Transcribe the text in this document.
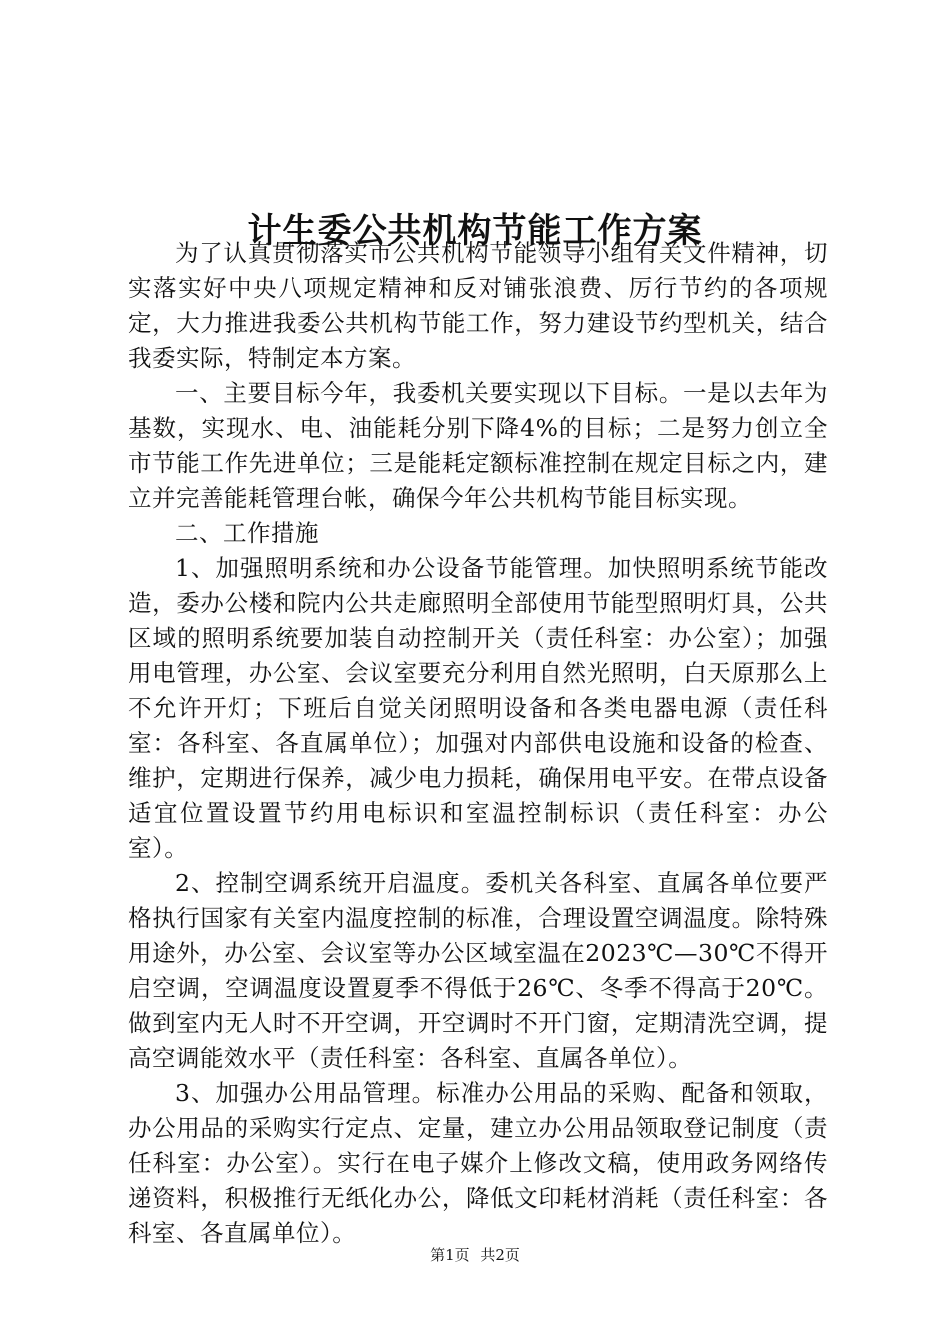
计生委公共机构节能工作方案

为了认真贯彻落实市公共机构节能领导小组有关文件精神，切实落实好中央八项规定精神和反对铺张浪费、厉行节约的各项规定，大力推进我委公共机构节能工作，努力建设节约型机关，结合我委实际，特制定本方案。

一、主要目标今年，我委机关要实现以下目标。一是以去年为基数，实现水、电、油能耗分别下降4%的目标；二是努力创立全市节能工作先进单位；三是能耗定额标准控制在规定目标之内，建立并完善能耗管理台帐，确保今年公共机构节能目标实现。

二、工作措施

1、加强照明系统和办公设备节能管理。加快照明系统节能改造，委办公楼和院内公共走廊照明全部使用节能型照明灯具，公共区域的照明系统要加装自动控制开关（责任科室：办公室）；加强用电管理，办公室、会议室要充分利用自然光照明，白天原那么上不允许开灯；下班后自觉关闭照明设备和各类电器电源（责任科室：各科室、各直属单位）；加强对内部供电设施和设备的检查、维护，定期进行保养，减少电力损耗，确保用电平安。在带点设备适宜位置设置节约用电标识和室温控制标识（责任科室：办公室）。

2、控制空调系统开启温度。委机关各科室、直属各单位要严格执行国家有关室内温度控制的标准，合理设置空调温度。除特殊用途外，办公室、会议室等办公区域室温在2023℃—30℃不得开启空调，空调温度设置夏季不得低于26℃、冬季不得高于20℃。做到室内无人时不开空调，开空调时不开门窗，定期清洗空调，提高空调能效水平（责任科室：各科室、直属各单位）。

3、加强办公用品管理。标准办公用品的采购、配备和领取，办公用品的采购实行定点、定量，建立办公用品领取登记制度（责任科室：办公室）。实行在电子媒介上修改文稿，使用政务网络传递资料，积极推行无纸化办公，降低文印耗材消耗（责任科室：各科室、各直属单位）。

第1页 共2页
